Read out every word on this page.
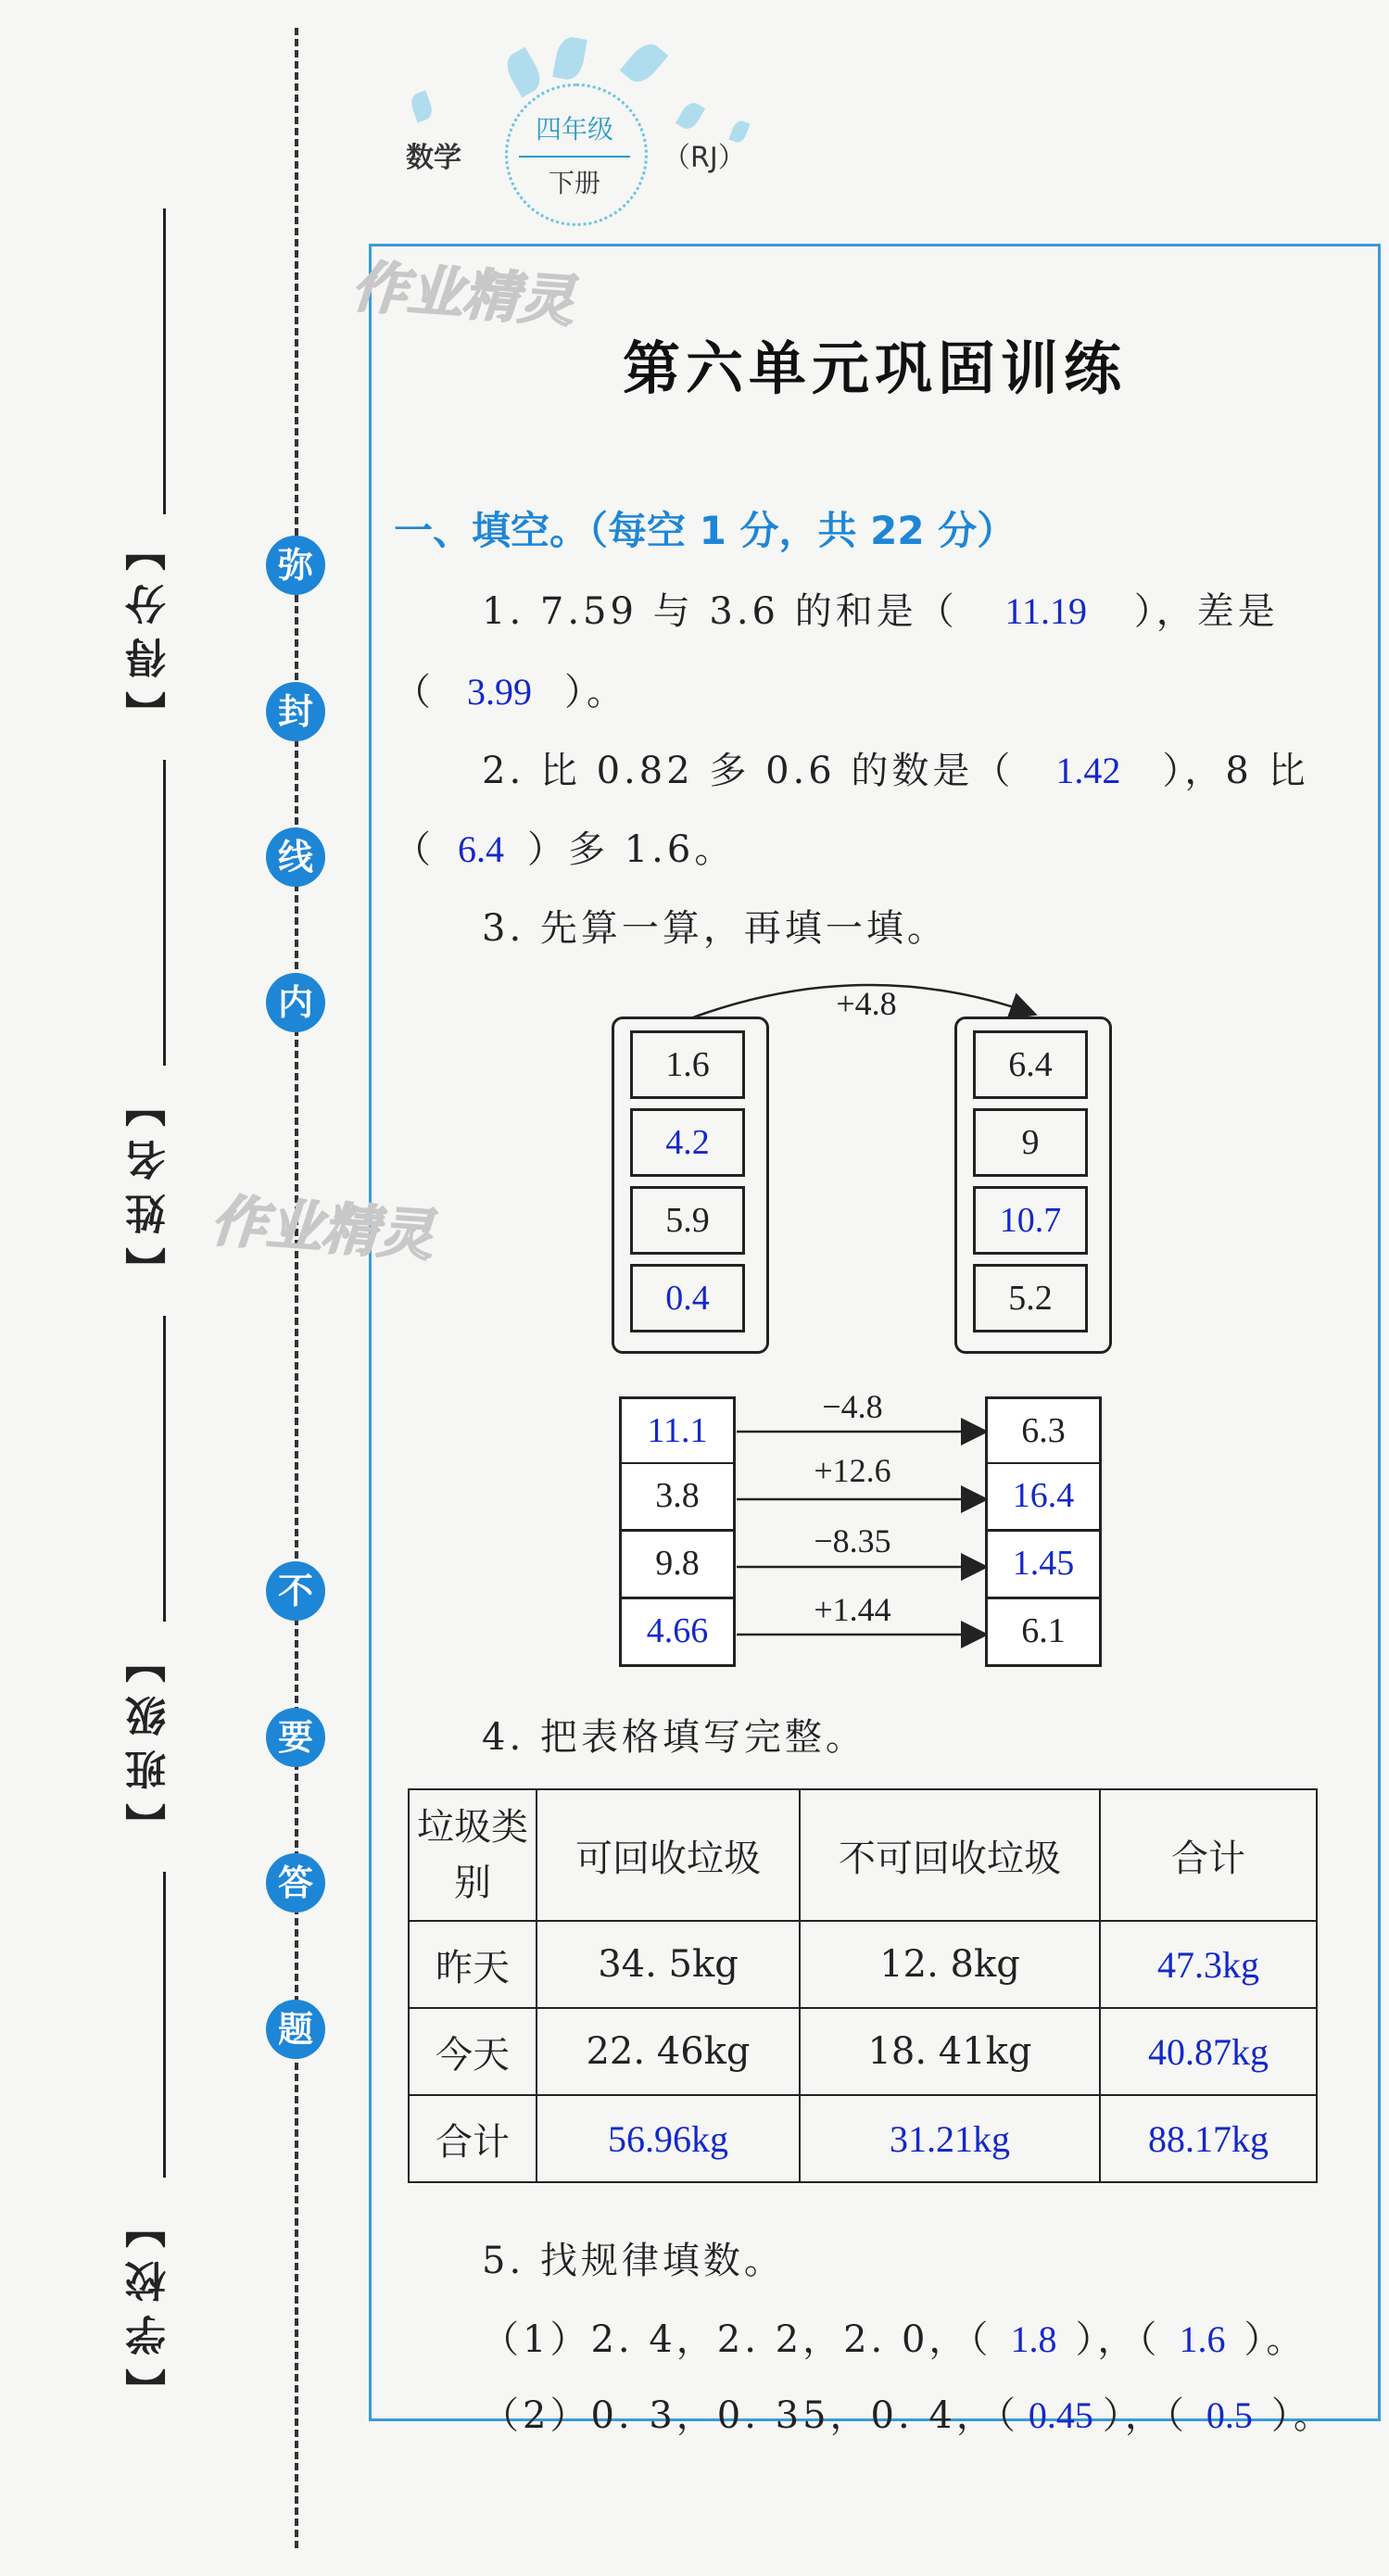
【得分】
【姓名】
【班级】
【学校】
弥
封
线
内
不
要
答
题
数学
四年级
下册
（RJ）
作业精灵
作业精灵
第六单元巩固训练
一、填空。（每空 1 分，共 22 分）
1. 7.59 与 3.6 的和是（ 11.19 ），差是
（ 3.99 ）。
2. 比 0.82 多 0.6 的数是（ 1.42 ），8 比
（ 6.4 ）多 1.6。
3. 先算一算，再填一填。
+4.8
1.6
4.2
5.9
0.4
6.4
9
10.7
5.2
11.1
3.8
9.8
4.66
6.3
16.4
1.45
6.1
−4.8
+12.6
−8.35
+1.44
4. 把表格填写完整。
垃圾类别	可回收垃圾	不可回收垃圾	合计
昨天	34. 5kg	12. 8kg	47.3kg
今天	22. 46kg	18. 41kg	40.87kg
合计	56.96kg	31.21kg	88.17kg
5. 找规律填数。
（1）2. 4，2. 2，2. 0，（ 1.8 ），（ 1.6 ）。
（2）0. 3，0. 35，0. 4，（ 0.45 ），（ 0.5 ）。
